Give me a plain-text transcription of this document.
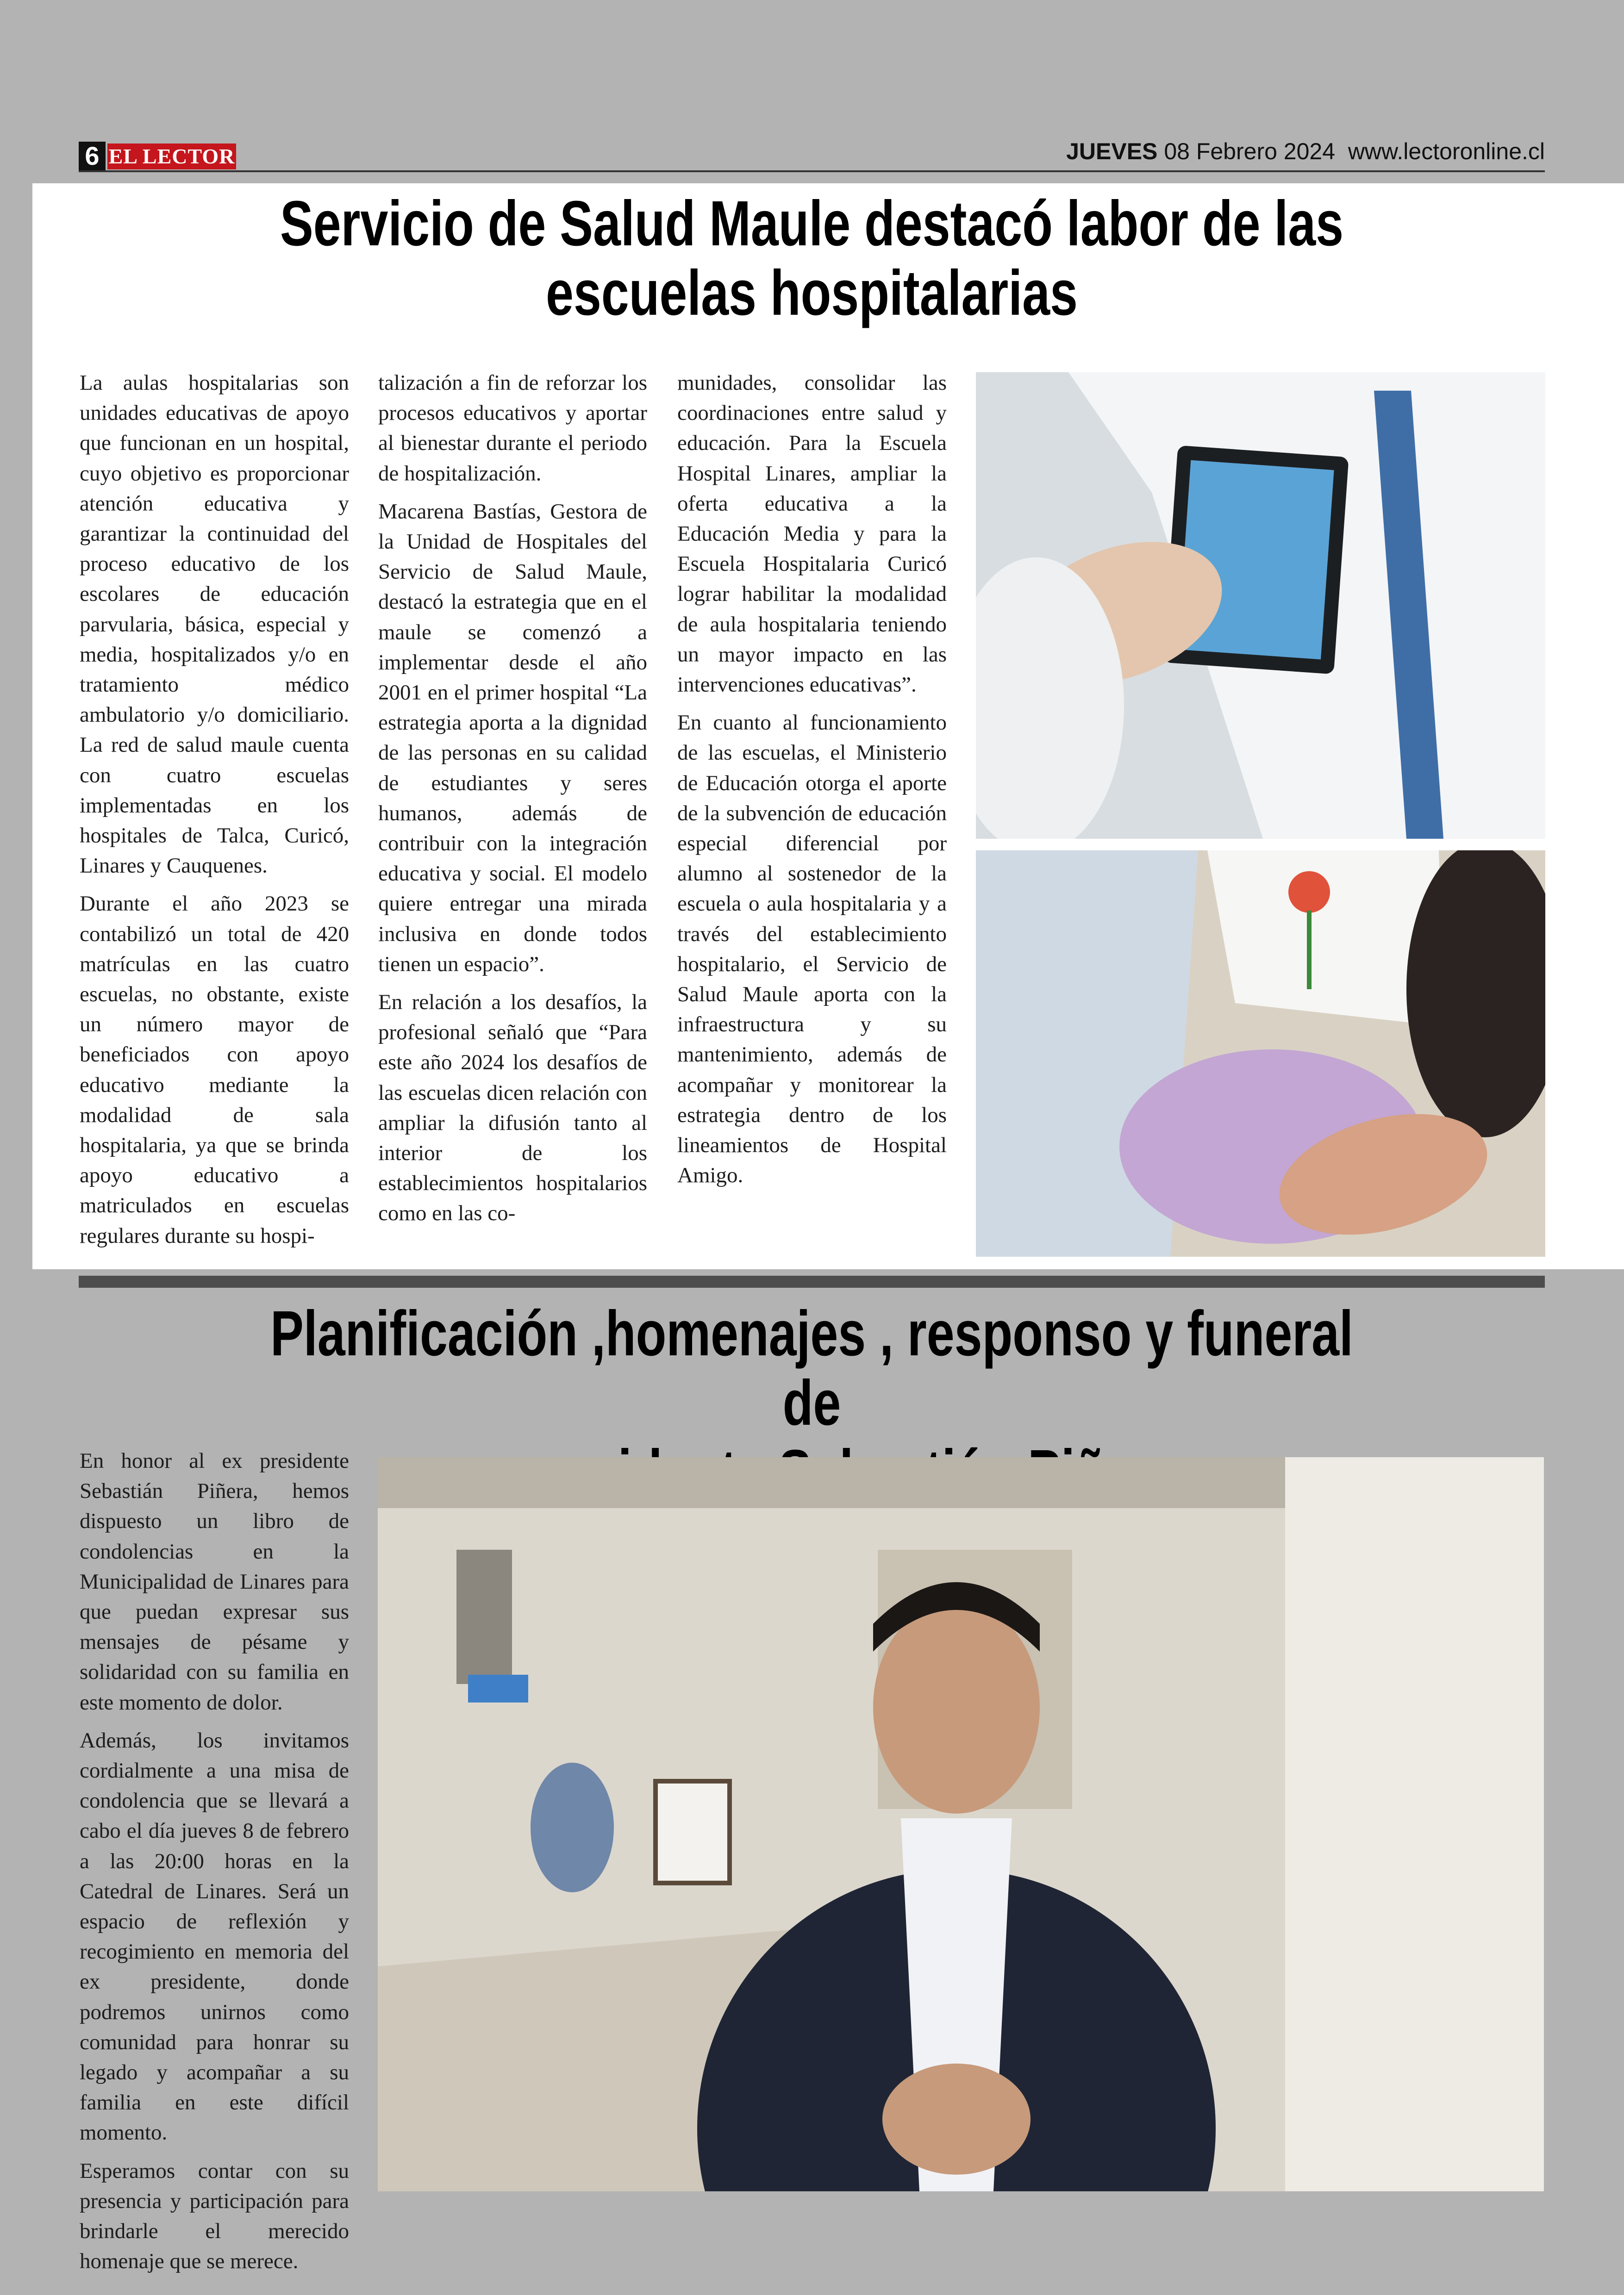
6 EL LECTOR	JUEVES 08 Febrero 2024 www.lectoronline.cl
Servicio de Salud Maule destacó labor de las
escuelas hospitalarias

La aulas hospitalarias son unidades educativas de apoyo que funcionan en un hospital, cuyo objetivo es proporcionar atención educativa y garantizar la continuidad del proceso educativo de los escolares de educación parvularia, básica, especial y media, hospitalizados y/o en tratamiento médico ambulatorio y/o domiciliario. La red de salud maule cuenta con cuatro escuelas implementadas en los hospitales de Talca, Curicó, Linares y Cauquenes.

Durante el año 2023 se contabilizó un total de 420 matrículas en las cuatro escuelas, no obstante, existe un número mayor de beneficiados con apoyo educativo mediante la modalidad de sala hospitalaria, ya que se brinda apoyo educativo a matriculados en escuelas regulares durante su hospi-

talización a fin de reforzar los procesos educativos y aportar al bienestar durante el periodo de hospitalización.

Macarena Bastías, Gestora de la Unidad de Hospitales del Servicio de Salud Maule, destacó la estrategia que en el maule se comenzó a implementar desde el año 2001 en el primer hospital “La estrategia aporta a la dignidad de las personas en su calidad de estudiantes y seres humanos, además de contribuir con la integración educativa y social. El modelo quiere entregar una mirada inclusiva en donde todos tienen un espacio”.

En relación a los desafíos, la profesional señaló que “Para este año 2024 los desafíos de las escuelas dicen relación con ampliar la difusión tanto al interior de los establecimientos hospitalarios como en las co-

munidades, consolidar las coordinaciones entre salud y educación. Para la Escuela Hospital Linares, ampliar la oferta educativa a la Educación Media y para la Escuela Hospitalaria Curicó lograr habilitar la modalidad de aula hospitalaria teniendo un mayor impacto en las intervenciones educativas”.

En cuanto al funcionamiento de las escuelas, el Ministerio de Educación otorga el aporte de la subvención de educación especial diferencial por alumno al sostenedor de la escuela o aula hospitalaria y a través del establecimiento hospitalario, el Servicio de Salud Maule aporta con la infraestructura y su mantenimiento, además de acompañar y monitorear la estrategia dentro de los lineamientos de Hospital Amigo.

Planificación ,homenajes , responso y funeral de

En honor al ex presidente Sebastián Piñera, hemos dispuesto un libro de condolencias en la Municipalidad de Linares para que puedan expresar sus mensajes de pésame y solidaridad con su familia en este momento de dolor.

Además, los invitamos cordialmente a una misa de condolencia que se llevará a cabo el día jueves 8 de febrero a las 20:00 horas en la Catedral de Linares. Será un espacio de reflexión y recogimiento en memoria del ex presidente, donde podremos unirnos como comunidad para honrar su legado y acompañar a su familia en este difícil momento.

Esperamos contar con su presencia y participación para brindarle el merecido homenaje que se merece.
